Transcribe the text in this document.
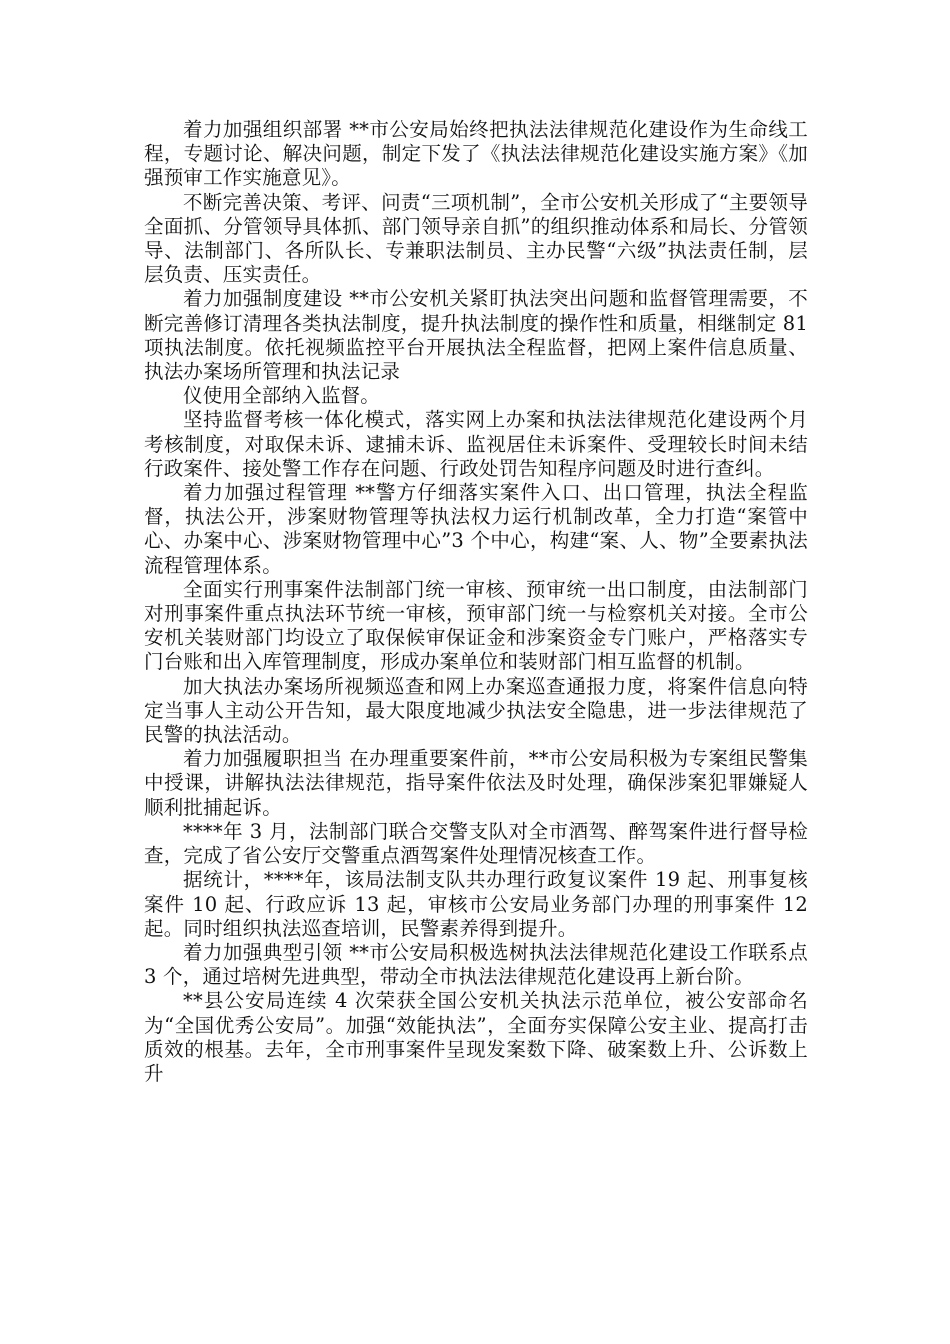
着力加强组织部署 **市公安局始终把执法法律规范化建设作为生命线工程，专题讨论、解决问题，制定下发了《执法法律规范化建设实施方案》《加强预审工作实施意见》。

不断完善决策、考评、问责“三项机制”，全市公安机关形成了“主要领导全面抓、分管领导具体抓、部门领导亲自抓”的组织推动体系和局长、分管领导、法制部门、各所队长、专兼职法制员、主办民警“六级”执法责任制，层层负责、压实责任。

着力加强制度建设 **市公安机关紧盯执法突出问题和监督管理需要，不断完善修订清理各类执法制度，提升执法制度的操作性和质量，相继制定 81 项执法制度。依托视频监控平台开展执法全程监督，把网上案件信息质量、执法办案场所管理和执法记录

仪使用全部纳入监督。

坚持监督考核一体化模式，落实网上办案和执法法律规范化建设两个月考核制度，对取保未诉、逮捕未诉、监视居住未诉案件、受理较长时间未结行政案件、接处警工作存在问题、行政处罚告知程序问题及时进行查纠。

着力加强过程管理 **警方仔细落实案件入口、出口管理，执法全程监督，执法公开，涉案财物管理等执法权力运行机制改革，全力打造“案管中心、办案中心、涉案财物管理中心”3 个中心，构建“案、人、物”全要素执法流程管理体系。

全面实行刑事案件法制部门统一审核、预审统一出口制度，由法制部门对刑事案件重点执法环节统一审核，预审部门统一与检察机关对接。全市公安机关装财部门均设立了取保候审保证金和涉案资金专门账户，严格落实专门台账和出入库管理制度，形成办案单位和装财部门相互监督的机制。

加大执法办案场所视频巡查和网上办案巡查通报力度，将案件信息向特定当事人主动公开告知，最大限度地减少执法安全隐患，进一步法律规范了民警的执法活动。

着力加强履职担当 在办理重要案件前，**市公安局积极为专案组民警集中授课，讲解执法法律规范，指导案件依法及时处理，确保涉案犯罪嫌疑人顺利批捕起诉。

****年 3 月，法制部门联合交警支队对全市酒驾、醉驾案件进行督导检查，完成了省公安厅交警重点酒驾案件处理情况核查工作。

据统计，****年，该局法制支队共办理行政复议案件 19 起、刑事复核案件 10 起、行政应诉 13 起，审核市公安局业务部门办理的刑事案件 12 起。同时组织执法巡查培训，民警素养得到提升。

着力加强典型引领 **市公安局积极选树执法法律规范化建设工作联系点 3 个，通过培树先进典型，带动全市执法法律规范化建设再上新台阶。

**县公安局连续 4 次荣获全国公安机关执法示范单位，被公安部命名为“全国优秀公安局”。加强“效能执法”，全面夯实保障公安主业、提高打击质效的根基。去年，全市刑事案件呈现发案数下降、破案数上升、公诉数上升
